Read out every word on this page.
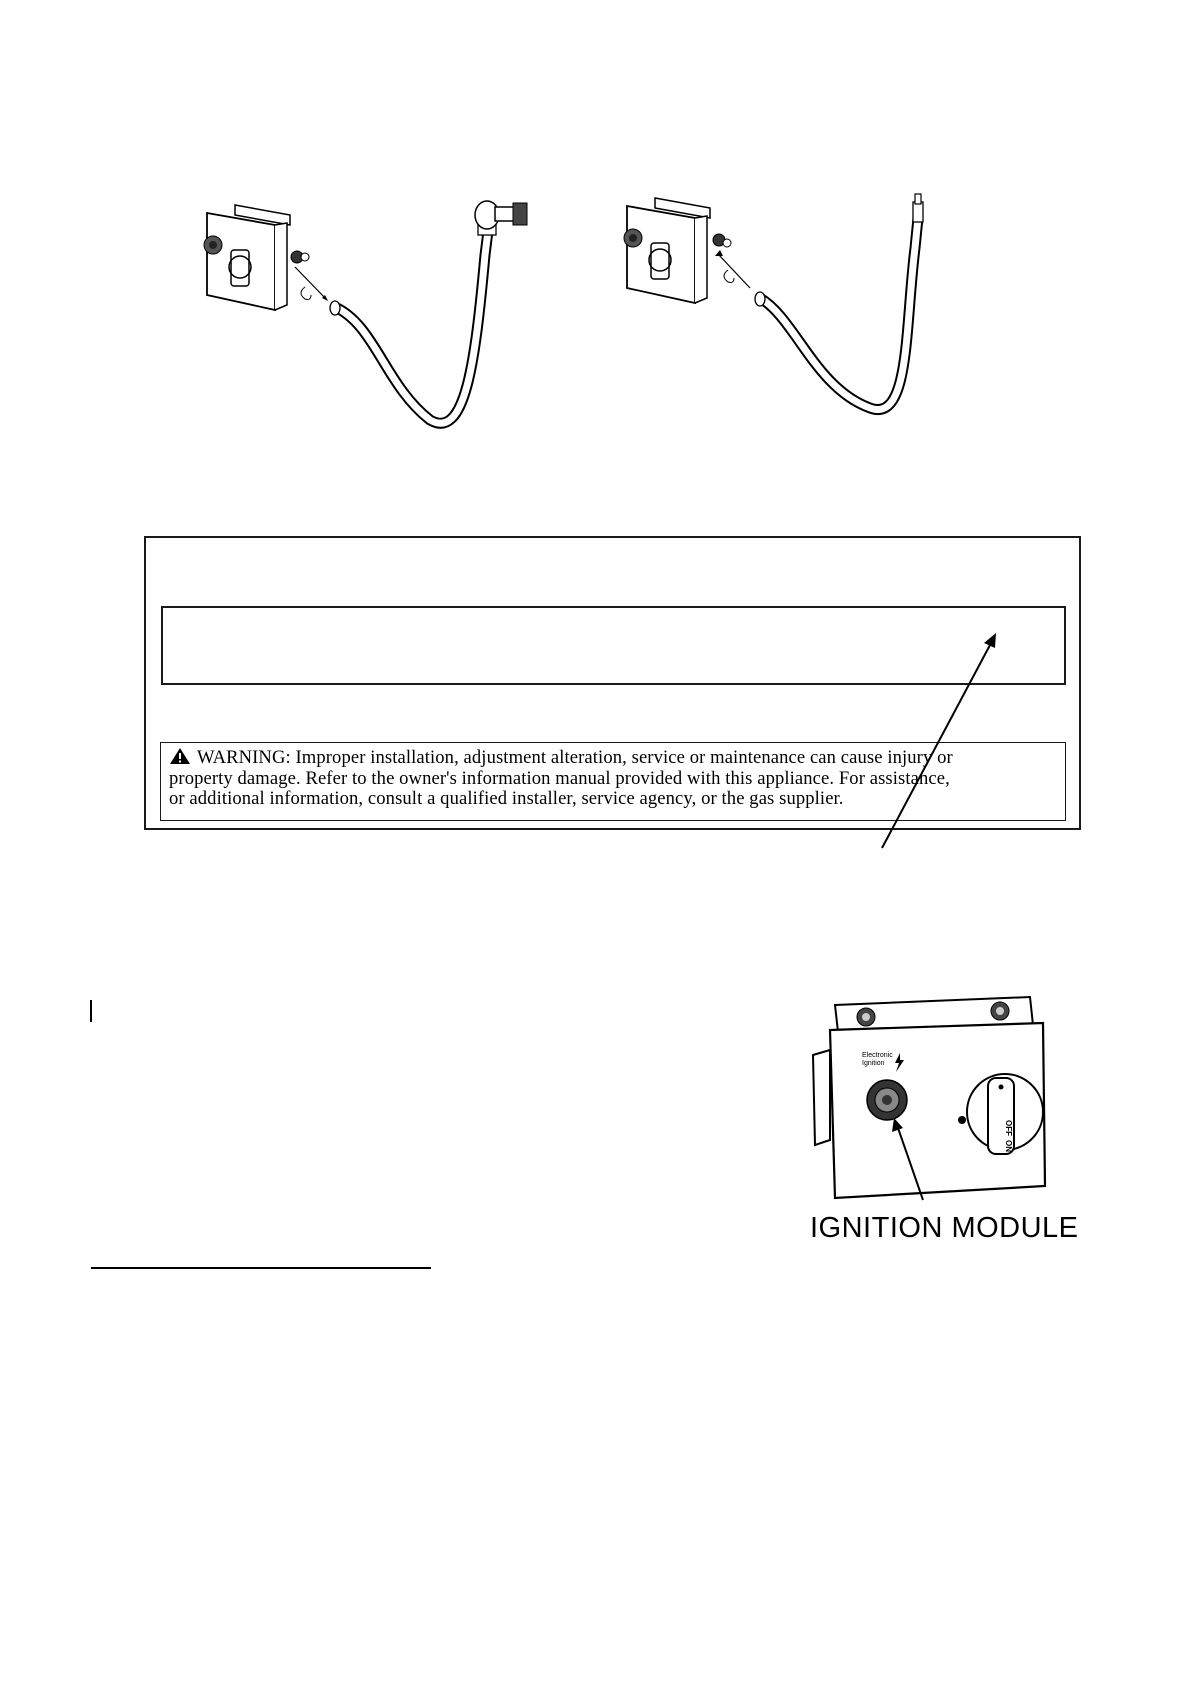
WARNING: Improper installation, adjustment alteration, service or maintenance can cause injury or

property damage. Refer to the owner's information manual provided with this appliance. For assistance,

or additional information, consult a qualified installer, service agency, or the gas supplier.

Electronic
Ignition
OFF
ON
IGNITION MODULE
